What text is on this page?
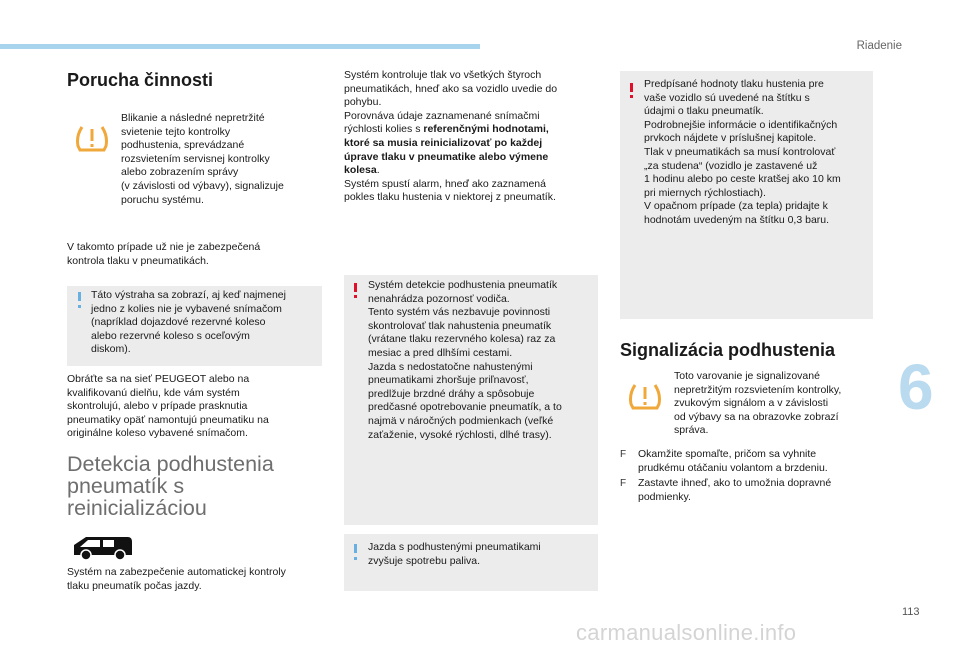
Riadenie
6
113
carmanualsonline.info
Porucha činnosti
Blikanie a následné nepretržité
svietenie tejto kontrolky
podhustenia, sprevádzané
rozsvietením servisnej kontrolky
alebo zobrazením správy
(v závislosti od výbavy), signalizuje
poruchu systému.
V takomto prípade už nie je zabezpečená
kontrola tlaku v pneumatikách.
Táto výstraha sa zobrazí, aj keď najmenej
jedno z kolies nie je vybavené snímačom
(napríklad dojazdové rezervné koleso
alebo rezervné koleso s oceľovým
diskom).
Obráťte sa na sieť PEUGEOT alebo na
kvalifikovanú dielňu, kde vám systém
skontrolujú, alebo v prípade prasknutia
pneumatiky opäť namontujú pneumatiku na
originálne koleso vybavené snímačom.
Detekcia podhustenia
pneumatík s
reinicializáciou
Systém na zabezpečenie automatickej kontroly
tlaku pneumatík počas jazdy.
Systém kontroluje tlak vo všetkých štyroch
pneumatikách, hneď ako sa vozidlo uvedie do
pohybu.
Porovnáva údaje zaznamenané snímačmi
rýchlosti kolies s referenčnými hodnotami,
ktoré sa musia reinicializovať po každej
úprave tlaku v pneumatike alebo výmene
kolesa.
Systém spustí alarm, hneď ako zaznamená
pokles tlaku hustenia v niektorej z pneumatík.
Systém detekcie podhustenia pneumatík
nenahrádza pozornosť vodiča.
Tento systém vás nezbavuje povinnosti
skontrolovať tlak nahustenia pneumatík
(vrátane tlaku rezervného kolesa) raz za
mesiac a pred dlhšími cestami.
Jazda s nedostatočne nahustenými
pneumatikami zhoršuje priľnavosť,
predlžuje brzdné dráhy a spôsobuje
predčasné opotrebovanie pneumatík, a to
najmä v náročných podmienkach (veľké
zaťaženie, vysoké rýchlosti, dlhé trasy).
Jazda s podhustenými pneumatikami
zvyšuje spotrebu paliva.
Predpísané hodnoty tlaku hustenia pre
vaše vozidlo sú uvedené na štítku s
údajmi o tlaku pneumatík.
Podrobnejšie informácie o identifikačných
prvkoch nájdete v príslušnej kapitole.
Tlak v pneumatikách sa musí kontrolovať
„za studena“ (vozidlo je zastavené už
1 hodinu alebo po ceste kratšej ako 10 km
pri miernych rýchlostiach).
V opačnom prípade (za tepla) pridajte k
hodnotám uvedeným na štítku 0,3 baru.
Signalizácia podhustenia
Toto varovanie je signalizované
nepretržitým rozsvietením kontrolky,
zvukovým signálom a v závislosti
od výbavy sa na obrazovke zobrazí
správa.
F Okamžite spomaľte, pričom sa vyhnite
prudkému otáčaniu volantom a brzdeniu.
F Zastavte ihneď, ako to umožnia dopravné
podmienky.
